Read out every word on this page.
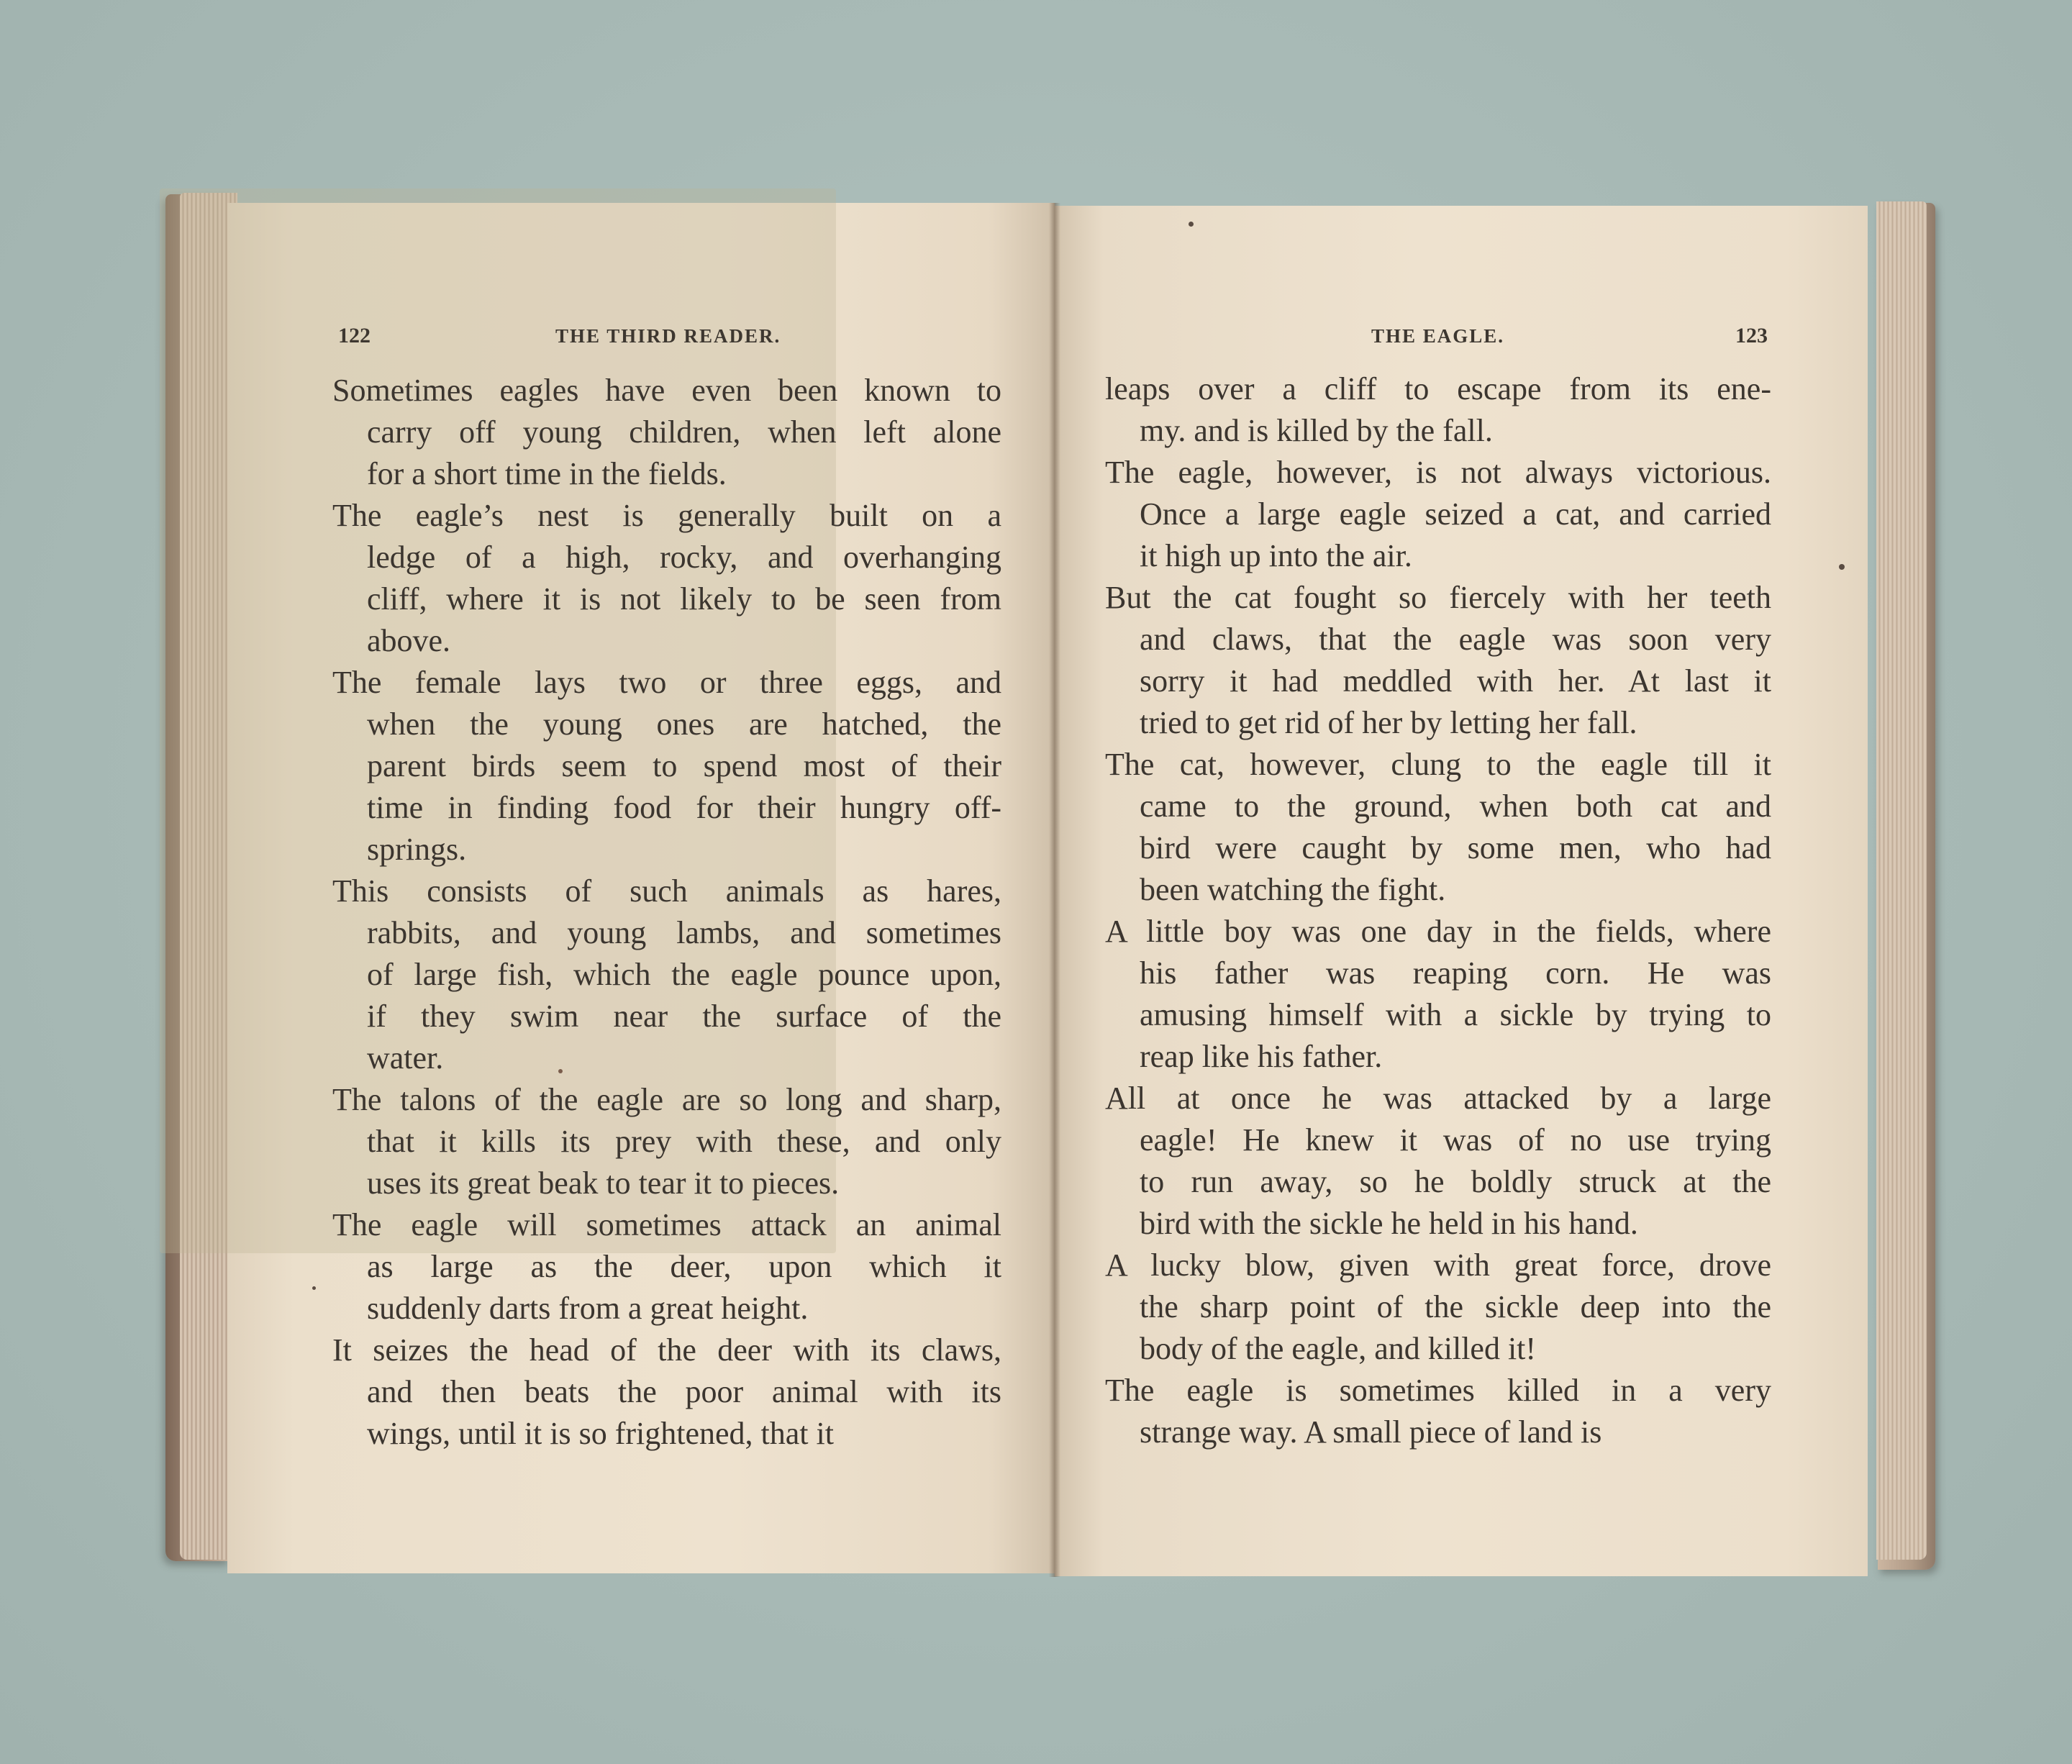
122	THE THIRD READER.	THE EAGLE.	123
Sometimes eagles have even been known to
carry off young children, when left alone
for a short time in the fields.
The eagle’s nest is generally built on a
ledge of a high, rocky, and overhanging
cliff, where it is not likely to be seen from
above.
The female lays two or three eggs, and
when the young ones are hatched, the
parent birds seem to spend most of their
time in finding food for their hungry off-
springs.
This consists of such animals as hares,
rabbits, and young lambs, and sometimes
of large fish, which the eagle pounce upon,
if they swim near the surface of the
water.
The talons of the eagle are so long and sharp,
that it kills its prey with these, and only
uses its great beak to tear it to pieces.
The eagle will sometimes attack an animal
as large as the deer, upon which it
suddenly darts from a great height.
It seizes the head of the deer with its claws,
and then beats the poor animal with its
wings, until it is so frightened, that it
leaps over a cliff to escape from its ene-
my. and is killed by the fall.
The eagle, however, is not always victorious.
Once a large eagle seized a cat, and carried
it high up into the air.
But the cat fought so fiercely with her teeth
and claws, that the eagle was soon very
sorry it had meddled with her. At last it
tried to get rid of her by letting her fall.
The cat, however, clung to the eagle till it
came to the ground, when both cat and
bird were caught by some men, who had
been watching the fight.
A little boy was one day in the fields, where
his father was reaping corn. He was
amusing himself with a sickle by trying to
reap like his father.
All at once he was attacked by a large
eagle! He knew it was of no use trying
to run away, so he boldly struck at the
bird with the sickle he held in his hand.
A lucky blow, given with great force, drove
the sharp point of the sickle deep into the
body of the eagle, and killed it!
The eagle is sometimes killed in a very
strange way. A small piece of land is
